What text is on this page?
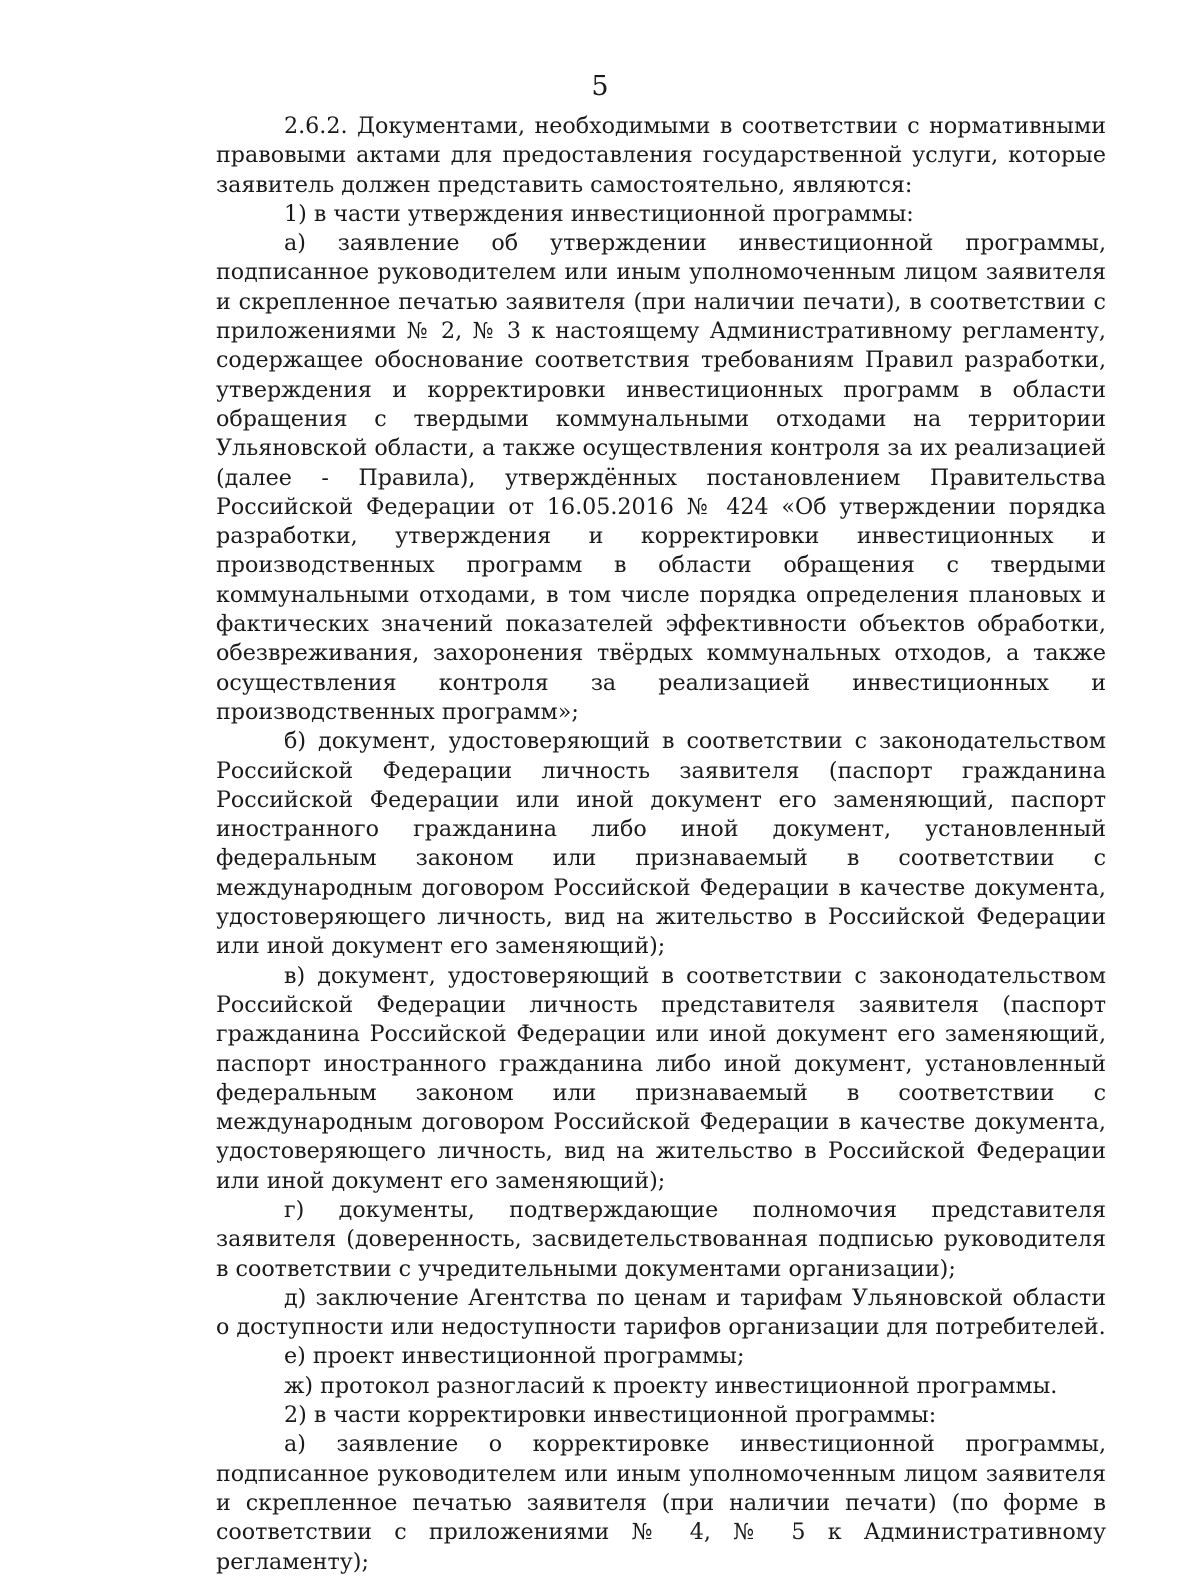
5

2.6.2. Документами, необходимыми в соответствии с нормативными правовыми актами для предоставления государственной услуги, которые заявитель должен представить самостоятельно, являются:

1) в части утверждения инвестиционной программы:

а) заявление об утверждении инвестиционной программы, подписанное руководителем или иным уполномоченным лицом заявителя и скрепленное печатью заявителя (при наличии печати), в соответствии с приложениями № 2, № 3 к настоящему Административному регламенту, содержащее обоснование соответствия требованиям Правил разработки, утверждения и корректировки инвестиционных программ в области обращения с твердыми коммунальными отходами на территории Ульяновской области, а также осуществления контроля за их реализацией (далее - Правила), утверждённых постановлением Правительства Российской Федерации от 16.05.2016 № 424 «Об утверждении порядка разработки, утверждения и корректировки инвестиционных и производственных программ в области обращения с твердыми коммунальными отходами, в том числе порядка определения плановых и фактических значений показателей эффективности объектов обработки, обезвреживания, захоронения твёрдых коммунальных отходов, а также осуществления контроля за реализацией инвестиционных и производственных программ»;

б) документ, удостоверяющий в соответствии с законодательством Российской Федерации личность заявителя (паспорт гражданина Российской Федерации или иной документ его заменяющий, паспорт иностранного гражданина либо иной документ, установленный федеральным законом или признаваемый в соответствии с международным договором Российской Федерации в качестве документа, удостоверяющего личность, вид на жительство в Российской Федерации или иной документ его заменяющий);

в) документ, удостоверяющий в соответствии с законодательством Российской Федерации личность представителя заявителя (паспорт гражданина Российской Федерации или иной документ его заменяющий, паспорт иностранного гражданина либо иной документ, установленный федеральным законом или признаваемый в соответствии с международным договором Российской Федерации в качестве документа, удостоверяющего личность, вид на жительство в Российской Федерации или иной документ его заменяющий);

г) документы, подтверждающие полномочия представителя заявителя (доверенность, засвидетельствованная подписью руководителя в соответствии с учредительными документами организации);

д) заключение Агентства по ценам и тарифам Ульяновской области о доступности или недоступности тарифов организации для потребителей.

е) проект инвестиционной программы;

ж) протокол разногласий к проекту инвестиционной программы.

2) в части корректировки инвестиционной программы:

а) заявление о корректировке инвестиционной программы, подписанное руководителем или иным уполномоченным лицом заявителя и скрепленное печатью заявителя (при наличии печати) (по форме в соответствии с приложениями № 4, № 5 к Административному регламенту);
